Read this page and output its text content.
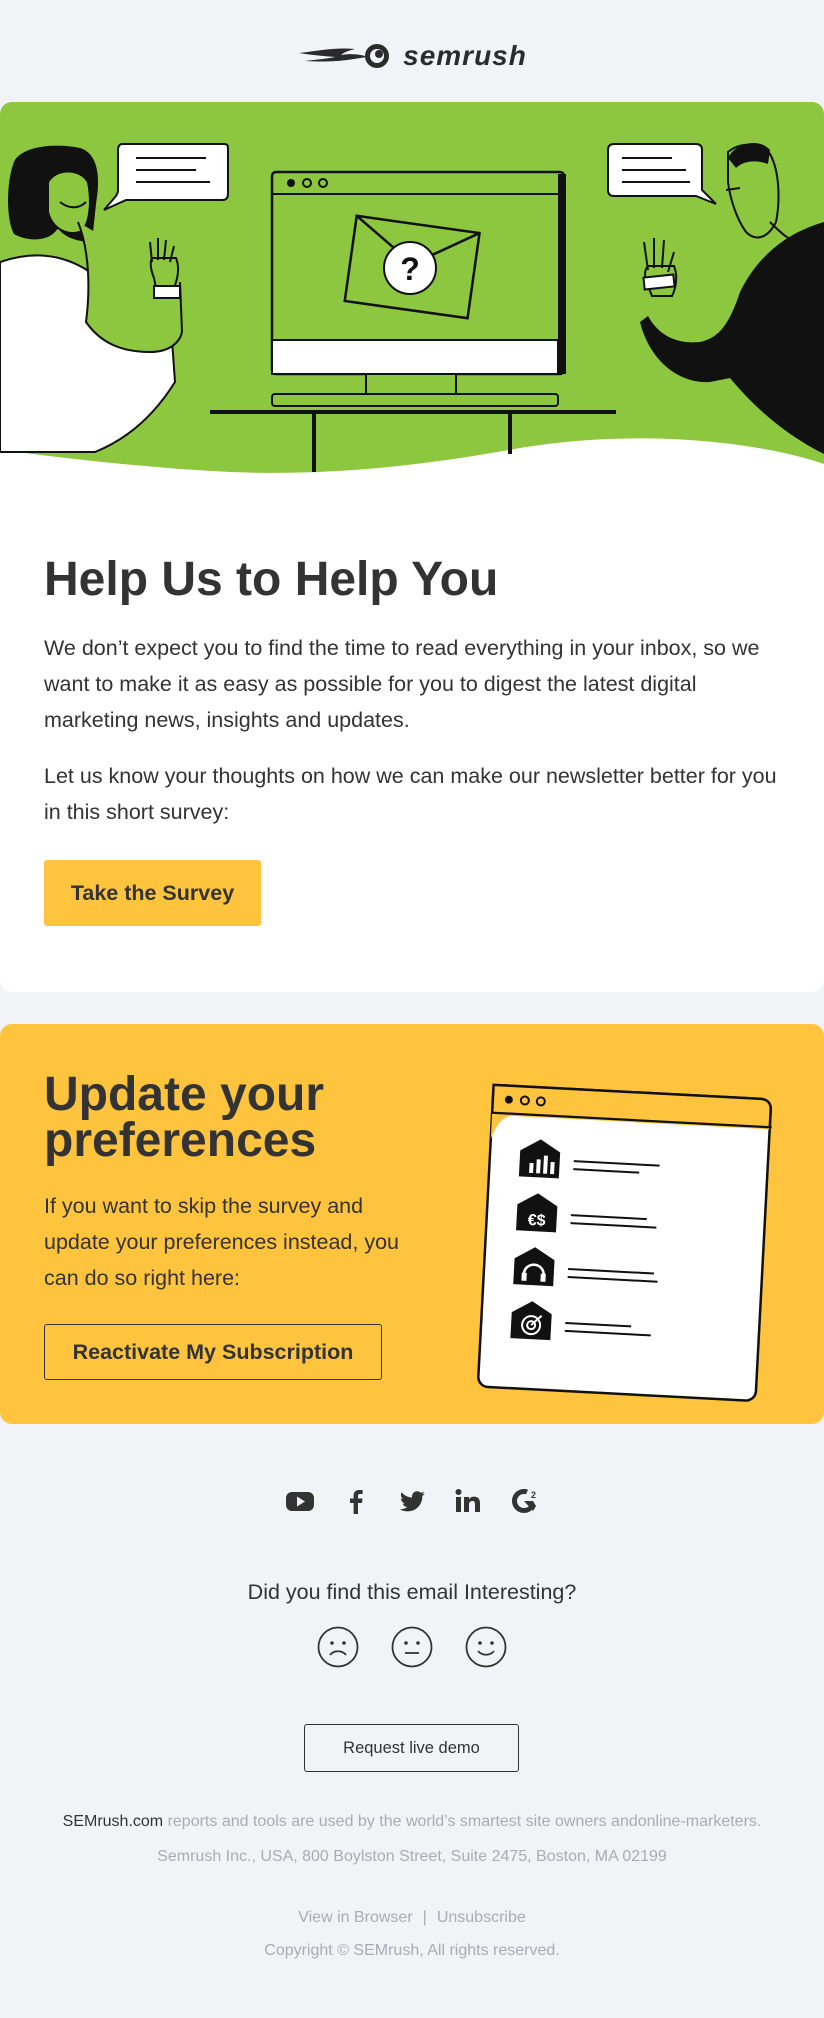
semrush
?
Help Us to Help You

We don’t expect you to find the time to read everything in your inbox, so we want to make it as easy as possible for you to digest the latest digital marketing news, insights and updates.

Let us know your thoughts on how we can make our newsletter better for you in this short survey:

Take the Survey
Update your preferences

If you want to skip the survey and update your preferences instead, you can do so right here:

Reactivate My Subscription
€$
2
Did you find this email Interesting?
Request live demo
SEMrush.com reports and tools are used by the world’s smartest site owners andonline-marketers.
Semrush Inc., USA, 800 Boylston Street, Suite 2475, Boston, MA 02199
View in Browser | Unsubscribe
Copyright © SEMrush, All rights reserved.
